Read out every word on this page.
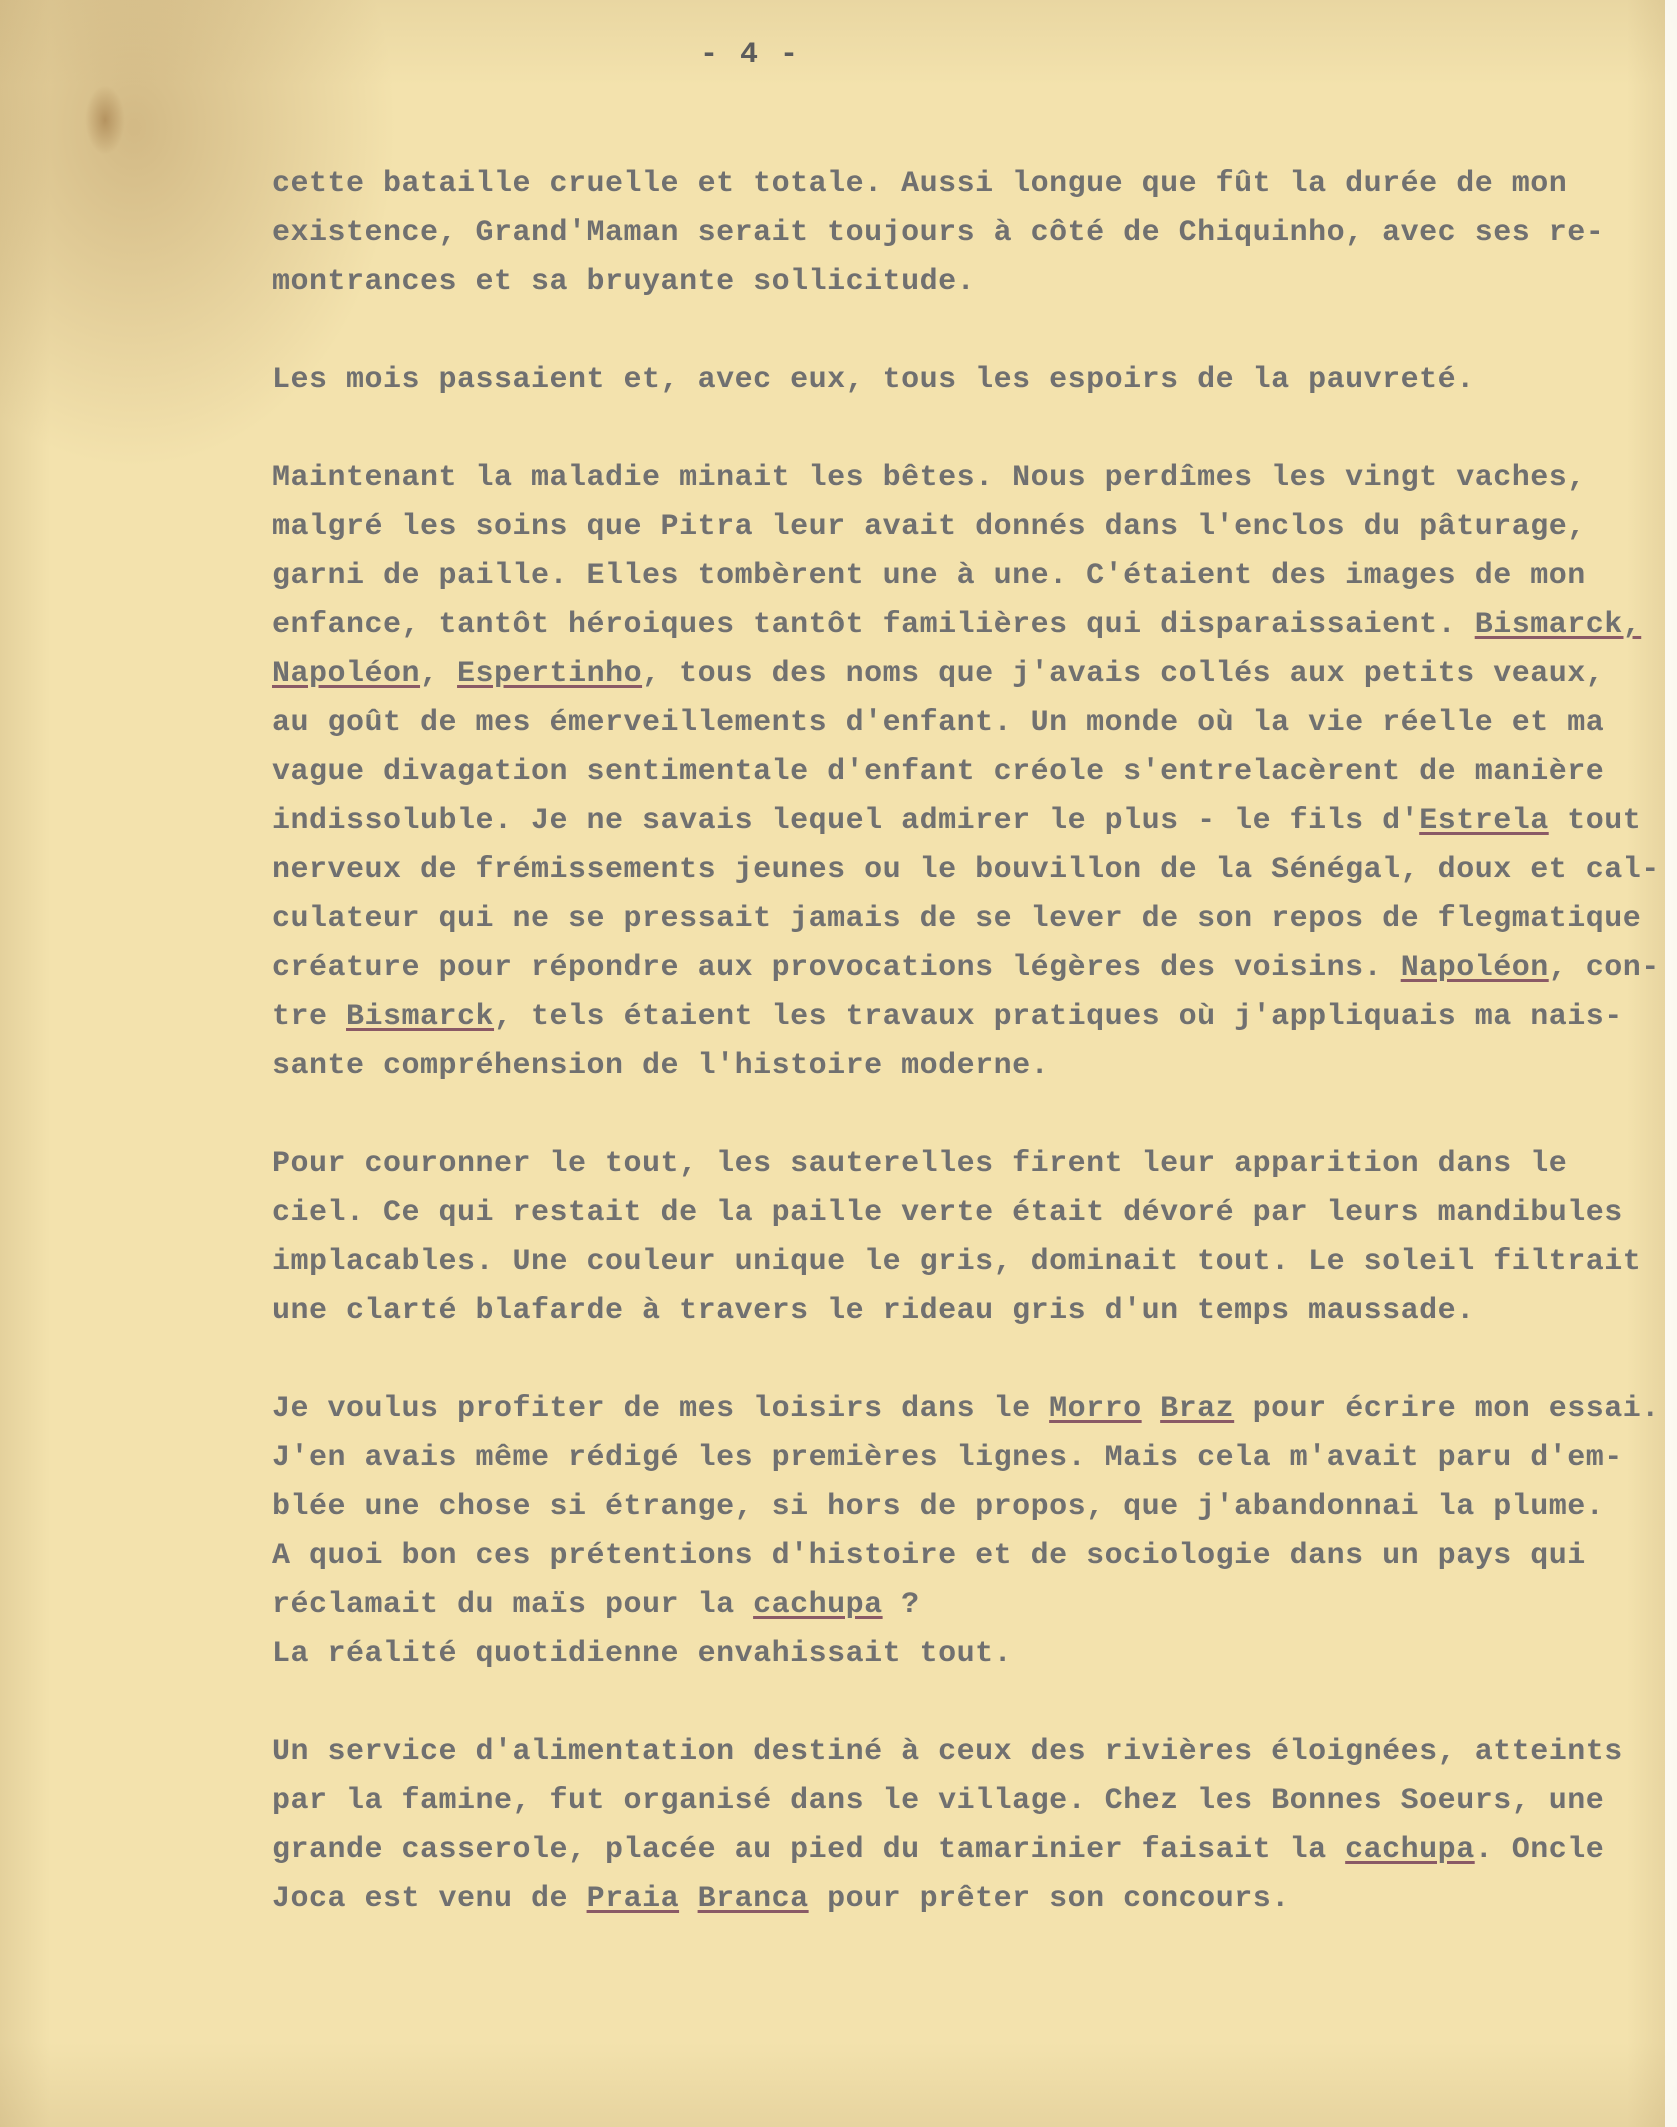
- 4 -
cette bataille cruelle et totale. Aussi longue que fût la durée de mon
existence, Grand'Maman serait toujours à côté de Chiquinho, avec ses re-
montrances et sa bruyante sollicitude.
Les mois passaient et, avec eux, tous les espoirs de la pauvreté.
Maintenant la maladie minait les bêtes. Nous perdîmes les vingt vaches,
malgré les soins que Pitra leur avait donnés dans l'enclos du pâturage,
garni de paille. Elles tombèrent une à une. C'étaient des images de mon
enfance, tantôt héroiques tantôt familières qui disparaissaient. Bismarck,
Napoléon, Espertinho, tous des noms que j'avais collés aux petits veaux,
au goût de mes émerveillements d'enfant. Un monde où la vie réelle et ma
vague divagation sentimentale d'enfant créole s'entrelacèrent de manière
indissoluble. Je ne savais lequel admirer le plus - le fils d'Estrela tout
nerveux de frémissements jeunes ou le bouvillon de la Sénégal, doux et cal-
culateur qui ne se pressait jamais de se lever de son repos de flegmatique
créature pour répondre aux provocations légères des voisins. Napoléon, con-
tre Bismarck, tels étaient les travaux pratiques où j'appliquais ma nais-
sante compréhension de l'histoire moderne.
Pour couronner le tout, les sauterelles firent leur apparition dans le
ciel. Ce qui restait de la paille verte était dévoré par leurs mandibules
implacables. Une couleur unique le gris, dominait tout. Le soleil filtrait
une clarté blafarde à travers le rideau gris d'un temps maussade.
Je voulus profiter de mes loisirs dans le Morro Braz pour écrire mon essai.
J'en avais même rédigé les premières lignes. Mais cela m'avait paru d'em-
blée une chose si étrange, si hors de propos, que j'abandonnai la plume.
A quoi bon ces prétentions d'histoire et de sociologie dans un pays qui
réclamait du maïs pour la cachupa ?
La réalité quotidienne envahissait tout.
Un service d'alimentation destiné à ceux des rivières éloignées, atteints
par la famine, fut organisé dans le village. Chez les Bonnes Soeurs, une
grande casserole, placée au pied du tamarinier faisait la cachupa. Oncle
Joca est venu de Praia Branca pour prêter son concours.
